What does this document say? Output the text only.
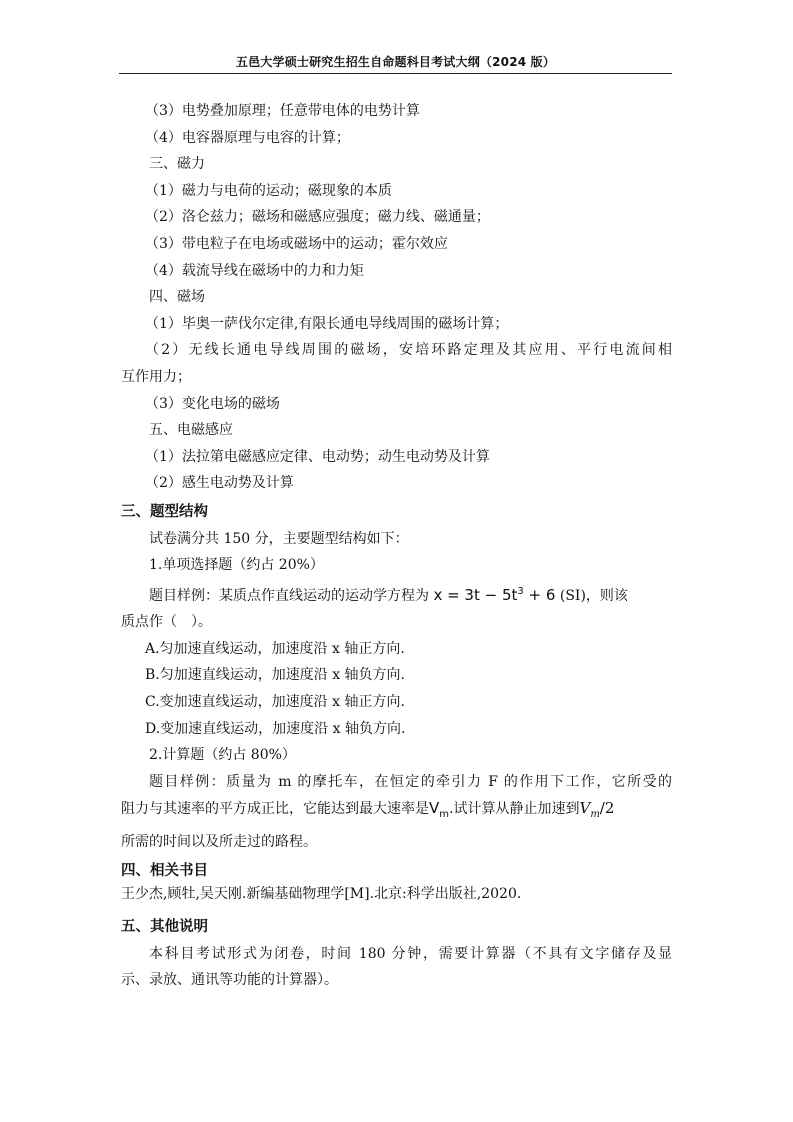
五邑大学硕士研究生招生自命题科目考试大纲（2024 版）
（3）电势叠加原理；任意带电体的电势计算
（4）电容器原理与电容的计算；
三、磁力
（1）磁力与电荷的运动；磁现象的本质
（2）洛仑兹力；磁场和磁感应强度；磁力线、磁通量；
（3）带电粒子在电场或磁场中的运动；霍尔效应
（4）载流导线在磁场中的力和力矩
四、磁场
（1）毕奥一萨伐尔定律,有限长通电导线周围的磁场计算；
（2）无线长通电导线周围的磁场，安培环路定理及其应用、平行电流间相
互作用力；
（3）变化电场的磁场
五、电磁感应
（1）法拉第电磁感应定律、电动势；动生电动势及计算
（2）感生电动势及计算
三、题型结构
试卷满分共 150 分，主要题型结构如下：
1.单项选择题（约占 20%）
题目样例：某质点作直线运动的运动学方程为 $x = 3t - 5t^3 + 6$ (SI)，则该
质点作（　）。
A.匀加速直线运动，加速度沿 x 轴正方向.
B.匀加速直线运动，加速度沿 x 轴负方向.
C.变加速直线运动，加速度沿 x 轴正方向.
D.变加速直线运动，加速度沿 x 轴负方向.
2.计算题（约占 80%）
题目样例：质量为 m 的摩托车，在恒定的牵引力 F 的作用下工作，它所受的
阻力与其速率的平方成正比，它能达到最大速率是$V_m$.试计算从静止加速到$V_m/2$
所需的时间以及所走过的路程。
四、相关书目
王少杰,顾牡,吴天刚.新编基础物理学[M].北京:科学出版社,2020.
五、其他说明
本科目考试形式为闭卷，时间 180 分钟，需要计算器（不具有文字储存及显
示、录放、通讯等功能的计算器）。
